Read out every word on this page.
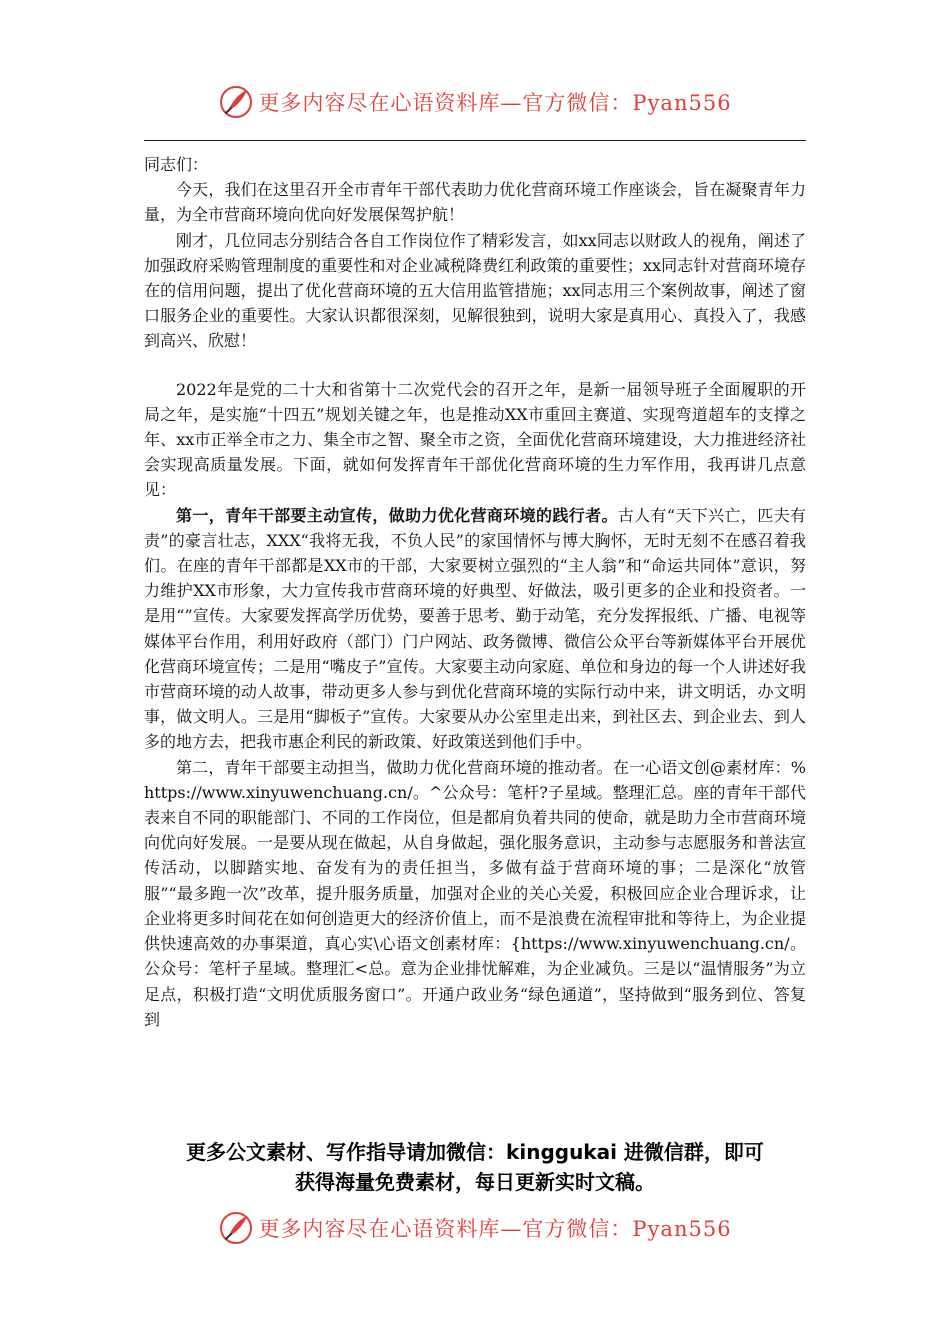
更多内容尽在心语资料库—官方微信：Pyan556

同志们：

今天，我们在这里召开全市青年干部代表助力优化营商环境工作座谈会，旨在凝聚青年力量，为全市营商环境向优向好发展保驾护航！

刚才，几位同志分别结合各自工作岗位作了精彩发言，如xx同志以财政人的视角，阐述了加强政府采购管理制度的重要性和对企业减税降费红利政策的重要性；xx同志针对营商环境存在的信用问题，提出了优化营商环境的五大信用监管措施；xx同志用三个案例故事，阐述了窗口服务企业的重要性。大家认识都很深刻，见解很独到，说明大家是真用心、真投入了，我感到高兴、欣慰！

2022年是党的二十大和省第十二次党代会的召开之年，是新一届领导班子全面履职的开局之年，是实施“十四五”规划关键之年，也是推动XX市重回主赛道、实现弯道超车的支撑之年、xx市正举全市之力、集全市之智、聚全市之资，全面优化营商环境建设，大力推进经济社会实现高质量发展。下面，就如何发挥青年干部优化营商环境的生力军作用，我再讲几点意见：

第一，青年干部要主动宣传，做助力优化营商环境的践行者。古人有“天下兴亡，匹夫有责”的豪言壮志，XXX“我将无我，不负人民”的家国情怀与博大胸怀，无时无刻不在感召着我们。在座的青年干部都是XX市的干部，大家要树立强烈的“主人翁”和“命运共同体”意识，努力维护XX市形象，大力宣传我市营商环境的好典型、好做法，吸引更多的企业和投资者。一是用“”宣传。大家要发挥高学历优势，要善于思考、勤于动笔，充分发挥报纸、广播、电视等媒体平台作用，利用好政府（部门）门户网站、政务微博、微信公众平台等新媒体平台开展优化营商环境宣传；二是用“嘴皮子”宣传。大家要主动向家庭、单位和身边的每一个人讲述好我市营商环境的动人故事，带动更多人参与到优化营商环境的实际行动中来，讲文明话，办文明事，做文明人。三是用“脚板子”宣传。大家要从办公室里走出来，到社区去、到企业去、到人多的地方去，把我市惠企利民的新政策、好政策送到他们手中。

第二，青年干部要主动担当，做助力优化营商环境的推动者。在一心语文创@素材库：%https://www.xinyuwenchuang.cn/。^公众号：笔杆?子星域。整理汇总。座的青年干部代表来自不同的职能部门、不同的工作岗位，但是都肩负着共同的使命，就是助力全市营商环境向优向好发展。一是要从现在做起，从自身做起，强化服务意识，主动参与志愿服务和普法宣传活动，以脚踏实地、奋发有为的责任担当，多做有益于营商环境的事；二是深化“放管服”“最多跑一次”改革，提升服务质量，加强对企业的关心关爱，积极回应企业合理诉求，让企业将更多时间花在如何创造更大的经济价值上，而不是浪费在流程审批和等待上，为企业提供快速高效的办事渠道，真心实\心语文创素材库：{https://www.xinyuwenchuang.cn/。公众号：笔杆子星域。整理汇<总。意为企业排忧解难，为企业减负。三是以“温情服务”为立足点，积极打造“文明优质服务窗口”。开通户政业务“绿色通道”，坚持做到“服务到位、答复到

更多公文素材、写作指导请加微信：kinggukai 进微信群，即可
获得海量免费素材，每日更新实时文稿。
更多内容尽在心语资料库—官方微信：Pyan556
